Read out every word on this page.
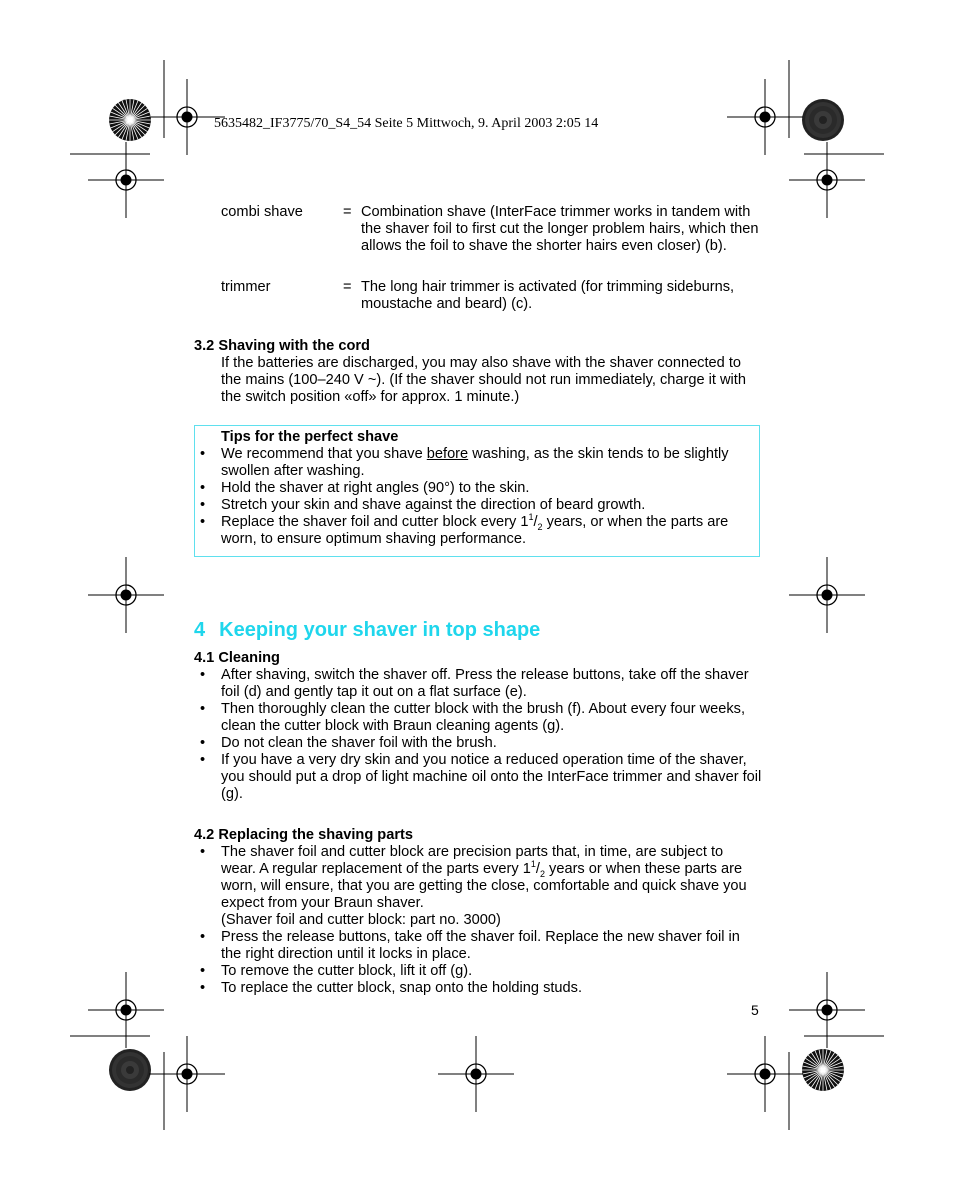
5635482_IF3775/70_S4_54 Seite 5 Mittwoch, 9. April 2003 2:05 14
combi shave	= Combination shave (InterFace trimmer works in tandem with the shaver foil to first cut the longer problem hairs, which then allows the foil to shave the shorter hairs even closer) (b).
trimmer	= The long hair trimmer is activated (for trimming sideburns, moustache and beard) (c).
3.2 Shaving with the cord
If the batteries are discharged, you may also shave with the shaver connected to the mains (100–240 V ~). (If the shaver should not run immediately, charge it with the switch position «off» for approx. 1 minute.)
Tips for the perfect shave
• We recommend that you shave before washing, as the skin tends to be slightly swollen after washing.
• Hold the shaver at right angles (90°) to the skin.
• Stretch your skin and shave against the direction of beard growth.
• Replace the shaver foil and cutter block every $1^1/_2$ years, or when the parts are worn, to ensure optimum shaving performance.
4 Keeping your shaver in top shape
4.1 Cleaning
• After shaving, switch the shaver off. Press the release buttons, take off the shaver foil (d) and gently tap it out on a flat surface (e).
• Then thoroughly clean the cutter block with the brush (f). About every four weeks, clean the cutter block with Braun cleaning agents (g).
• Do not clean the shaver foil with the brush.
• If you have a very dry skin and you notice a reduced operation time of the shaver, you should put a drop of light machine oil onto the InterFace trimmer and shaver foil (g).
4.2 Replacing the shaving parts
• The shaver foil and cutter block are precision parts that, in time, are subject to wear. A regular replacement of the parts every $1^1/_2$ years or when these parts are worn, will ensure, that you are getting the close, comfortable and quick shave you expect from your Braun shaver.
(Shaver foil and cutter block: part no. 3000)
• Press the release buttons, take off the shaver foil. Replace the new shaver foil in the right direction until it locks in place.
• To remove the cutter block, lift it off (g).
• To replace the cutter block, snap onto the holding studs.
5
